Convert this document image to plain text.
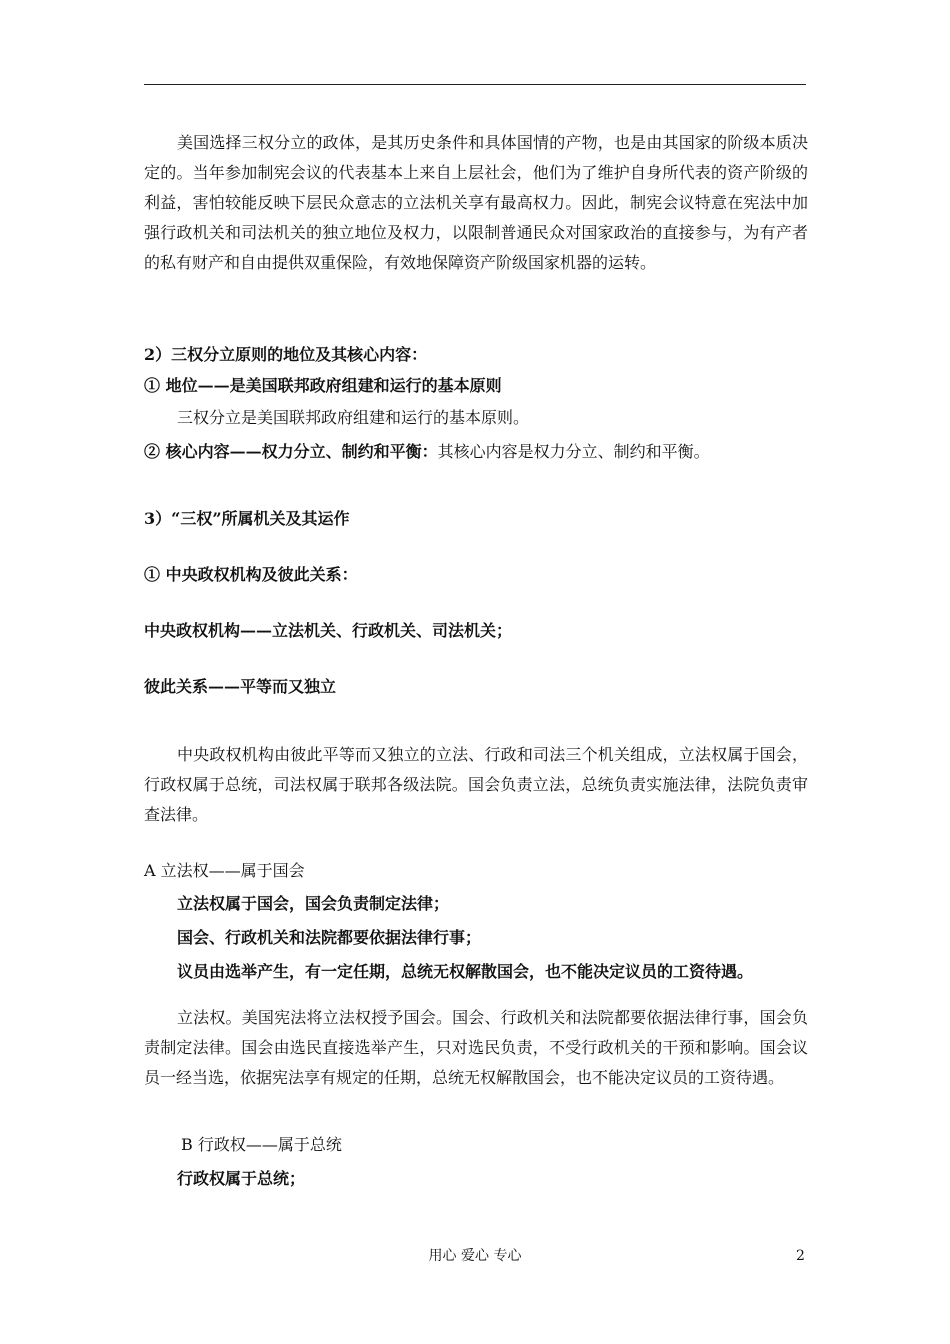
美国选择三权分立的政体，是其历史条件和具体国情的产物，也是由其国家的阶级本质决定的。当年参加制宪会议的代表基本上来自上层社会，他们为了维护自身所代表的资产阶级的利益，害怕较能反映下层民众意志的立法机关享有最高权力。因此，制宪会议特意在宪法中加强行政机关和司法机关的独立地位及权力，以限制普通民众对国家政治的直接参与，为有产者的私有财产和自由提供双重保险，有效地保障资产阶级国家机器的运转。

2）三权分立原则的地位及其核心内容：
① 地位——是美国联邦政府组建和运行的基本原则
三权分立是美国联邦政府组建和运行的基本原则。
② 核心内容——权力分立、制约和平衡：其核心内容是权力分立、制约和平衡。
3）“三权”所属机关及其运作
① 中央政权机构及彼此关系：
中央政权机构——立法机关、行政机关、司法机关；
彼此关系——平等而又独立

中央政权机构由彼此平等而又独立的立法、行政和司法三个机关组成，立法权属于国会，行政权属于总统，司法权属于联邦各级法院。国会负责立法，总统负责实施法律，法院负责审查法律。

A 立法权——属于国会
立法权属于国会，国会负责制定法律；
国会、行政机关和法院都要依据法律行事；
议员由选举产生，有一定任期，总统无权解散国会，也不能决定议员的工资待遇。

立法权。美国宪法将立法权授予国会。国会、行政机关和法院都要依据法律行事，国会负责制定法律。国会由选民直接选举产生，只对选民负责，不受行政机关的干预和影响。国会议员一经当选，依据宪法享有规定的任期，总统无权解散国会，也不能决定议员的工资待遇。

B 行政权——属于总统
行政权属于总统；
用心 爱心 专心	2
